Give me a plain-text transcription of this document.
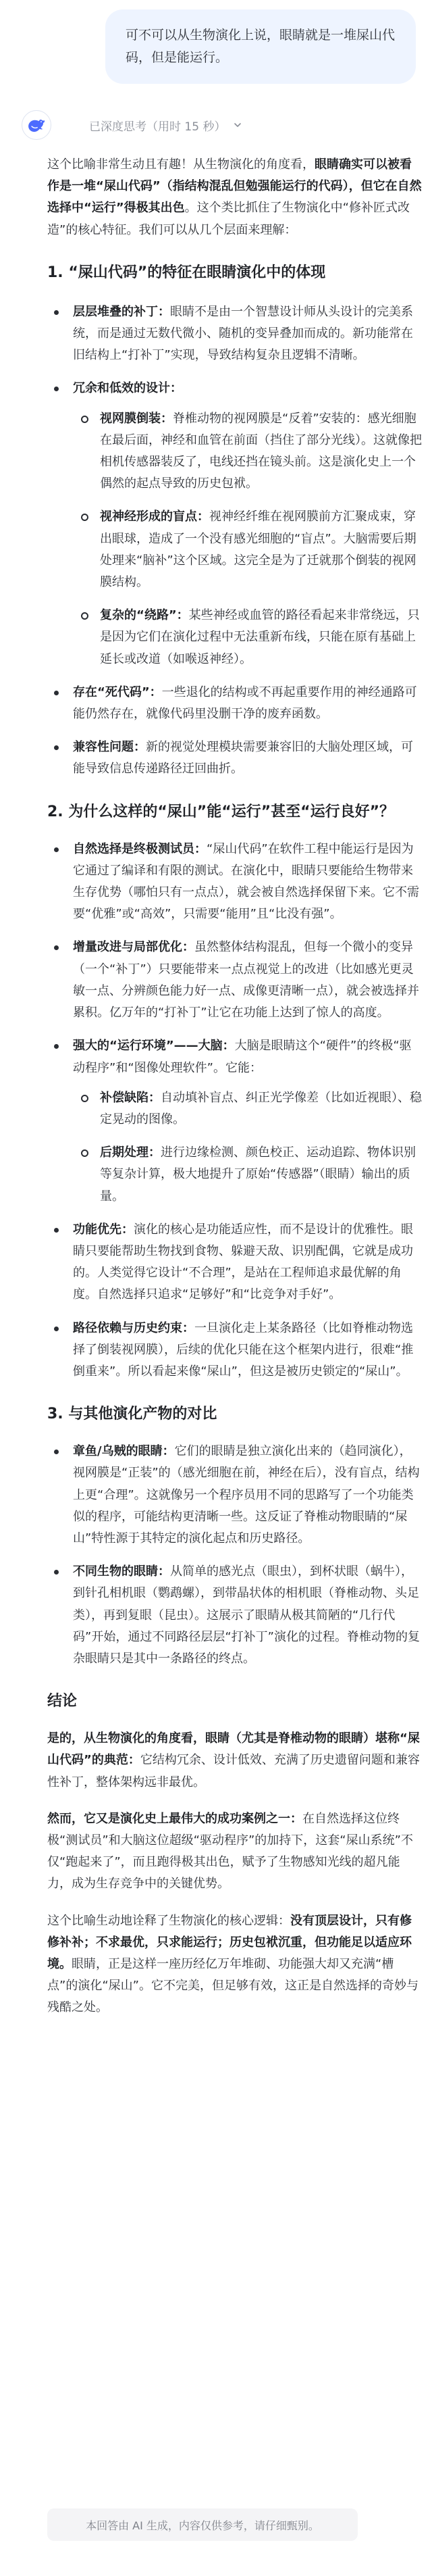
可不可以从生物演化上说，眼睛就是一堆屎山代码，但是能运行。
已深度思考（用时 15 秒）

这个比喻非常生动且有趣！从生物演化的角度看，眼睛确实可以被看作是一堆“屎山代码”（指结构混乱但勉强能运行的代码），但它在自然选择中“运行”得极其出色。这个类比抓住了生物演化中“修补匠式改造”的核心特征。我们可以从几个层面来理解：

1. “屎山代码”的特征在眼睛演化中的体现
层层堆叠的补丁：眼睛不是由一个智慧设计师从头设计的完美系统，而是通过无数代微小、随机的变异叠加而成的。新功能常在旧结构上“打补丁”实现，导致结构复杂且逻辑不清晰。
冗余和低效的设计：
视网膜倒装：脊椎动物的视网膜是“反着”安装的：感光细胞在最后面，神经和血管在前面（挡住了部分光线）。这就像把相机传感器装反了，电线还挡在镜头前。这是演化史上一个偶然的起点导致的历史包袱。
视神经形成的盲点：视神经纤维在视网膜前方汇聚成束，穿出眼球，造成了一个没有感光细胞的“盲点”。大脑需要后期处理来“脑补”这个区域。这完全是为了迁就那个倒装的视网膜结构。
复杂的“绕路”：某些神经或血管的路径看起来非常绕远，只是因为它们在演化过程中无法重新布线，只能在原有基础上延长或改道（如喉返神经）。
存在“死代码”：一些退化的结构或不再起重要作用的神经通路可能仍然存在，就像代码里没删干净的废弃函数。
兼容性问题：新的视觉处理模块需要兼容旧的大脑处理区域，可能导致信息传递路径迂回曲折。
2. 为什么这样的“屎山”能“运行”甚至“运行良好”？
自然选择是终极测试员：“屎山代码”在软件工程中能运行是因为它通过了编译和有限的测试。在演化中，眼睛只要能给生物带来生存优势（哪怕只有一点点），就会被自然选择保留下来。它不需要“优雅”或“高效”，只需要“能用”且“比没有强”。
增量改进与局部优化：虽然整体结构混乱，但每一个微小的变异（一个“补丁”）只要能带来一点点视觉上的改进（比如感光更灵敏一点、分辨颜色能力好一点、成像更清晰一点），就会被选择并累积。亿万年的“打补丁”让它在功能上达到了惊人的高度。
强大的“运行环境”——大脑：大脑是眼睛这个“硬件”的终极“驱动程序”和“图像处理软件”。它能：
补偿缺陷：自动填补盲点、纠正光学像差（比如近视眼）、稳定晃动的图像。
后期处理：进行边缘检测、颜色校正、运动追踪、物体识别等复杂计算，极大地提升了原始“传感器”（眼睛）输出的质量。
功能优先：演化的核心是功能适应性，而不是设计的优雅性。眼睛只要能帮助生物找到食物、躲避天敌、识别配偶，它就是成功的。人类觉得它设计“不合理”，是站在工程师追求最优解的角度。自然选择只追求“足够好”和“比竞争对手好”。
路径依赖与历史约束：一旦演化走上某条路径（比如脊椎动物选择了倒装视网膜），后续的优化只能在这个框架内进行，很难“推倒重来”。所以看起来像“屎山”，但这是被历史锁定的“屎山”。
3. 与其他演化产物的对比
章鱼/乌贼的眼睛：它们的眼睛是独立演化出来的（趋同演化），视网膜是“正装”的（感光细胞在前，神经在后），没有盲点，结构上更“合理”。这就像另一个程序员用不同的思路写了一个功能类似的程序，可能结构更清晰一些。这反证了脊椎动物眼睛的“屎山”特性源于其特定的演化起点和历史路径。
不同生物的眼睛：从简单的感光点（眼虫），到杯状眼（蜗牛），到针孔相机眼（鹦鹉螺），到带晶状体的相机眼（脊椎动物、头足类），再到复眼（昆虫）。这展示了眼睛从极其简陋的“几行代码”开始，通过不同路径层层“打补丁”演化的过程。脊椎动物的复杂眼睛只是其中一条路径的终点。
结论

是的，从生物演化的角度看，眼睛（尤其是脊椎动物的眼睛）堪称“屎山代码”的典范：它结构冗余、设计低效、充满了历史遗留问题和兼容性补丁，整体架构远非最优。

然而，它又是演化史上最伟大的成功案例之一：在自然选择这位终极“测试员”和大脑这位超级“驱动程序”的加持下，这套“屎山系统”不仅“跑起来了”，而且跑得极其出色，赋予了生物感知光线的超凡能力，成为生存竞争中的关键优势。

这个比喻生动地诠释了生物演化的核心逻辑：没有顶层设计，只有修修补补；不求最优，只求能运行；历史包袱沉重，但功能足以适应环境。眼睛，正是这样一座历经亿万年堆砌、功能强大却又充满“槽点”的演化“屎山”。它不完美，但足够有效，这正是自然选择的奇妙与残酷之处。

本回答由 AI 生成，内容仅供参考，请仔细甄别。
